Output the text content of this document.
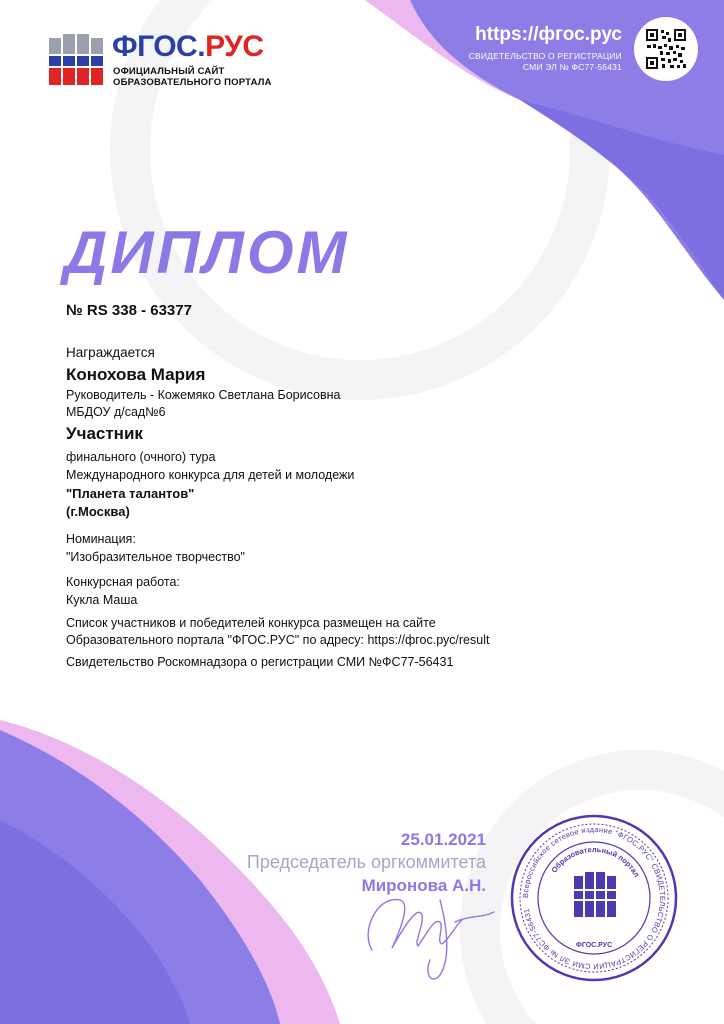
Всероссийское сетевое издание "ФГОС.РУС" СВИДЕТЕЛЬСТВО О РЕГИСТРАЦИИ СМИ ЭЛ № ФС77-56431
Образовательный портал
ФГОС.РУС
ФГОС.РУС
ОФИЦИАЛЬНЫЙ САЙТ
ОБРАЗОВАТЕЛЬНОГО ПОРТАЛА
https://фгос.рус
СВИДЕТЕЛЬСТВО О РЕГИСТРАЦИИ
СМИ ЭЛ № ФС77-56431
ДИПЛОМ
№ RS 338 - 63377
Награждается
Конохова Мария
Руководитель - Кожемяко Светлана Борисовна
МБДОУ д/сад№6
Участник
финального (очного) тура
Международного конкурса для детей и молодежи
"Планета талантов"
(г.Москва)
Номинация:
"Изобразительное творчество"
Конкурсная работа:
Кукла Маша
Список участников и победителей конкурса размещен на сайте
Образовательного портала "ФГОС.РУС" по адресу: https://фгос.рус/result
Свидетельство Роскомнадзора о регистрации СМИ №ФС77-56431
25.01.2021
Председатель оргкоммитета
Миронова А.Н.
